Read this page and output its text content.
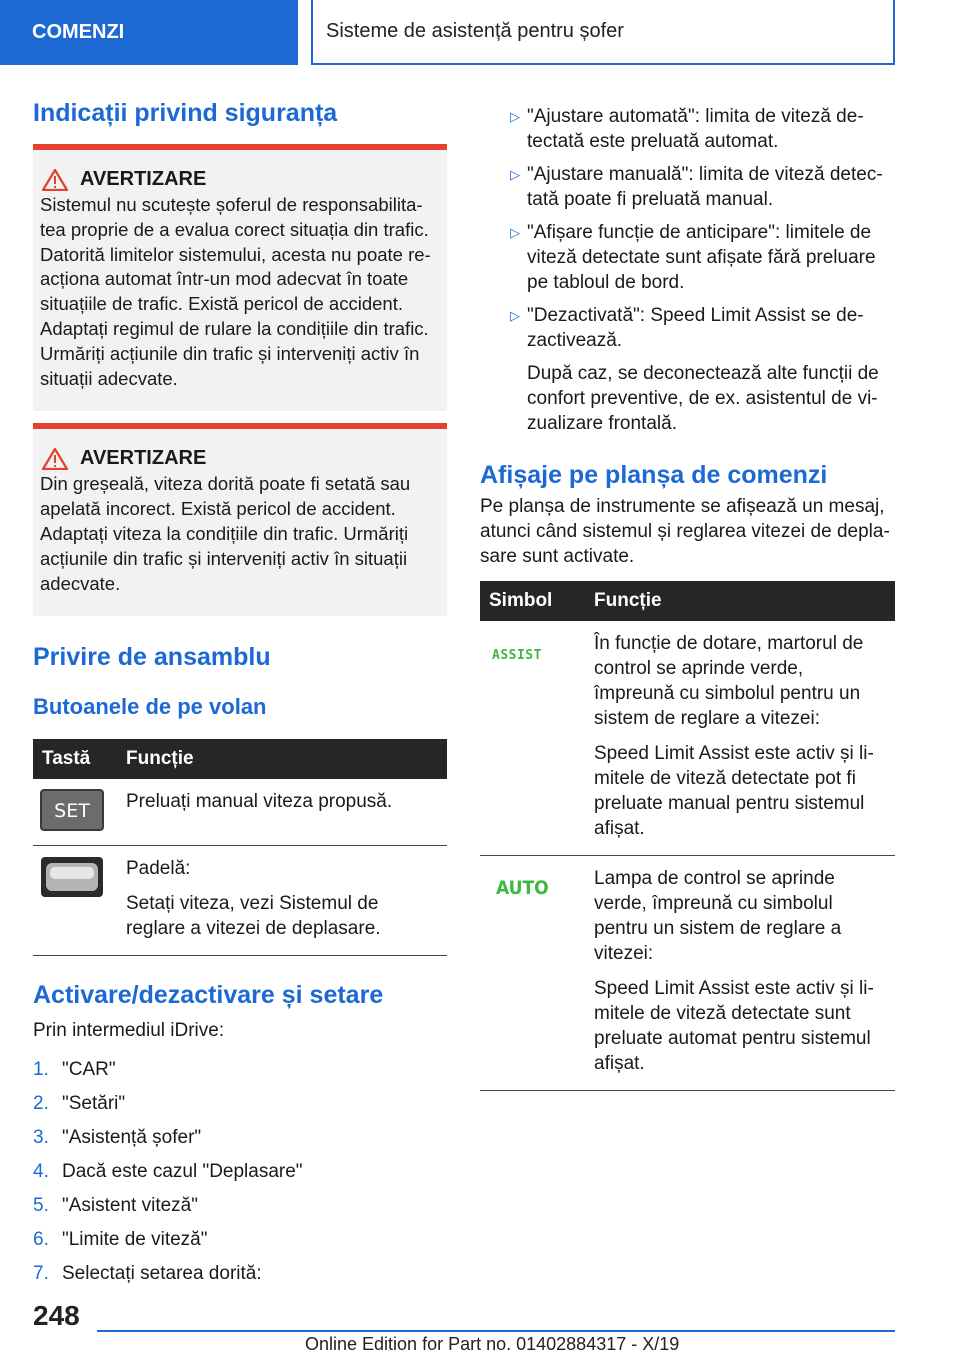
COMENZI	Sisteme de asistență pentru șofer
Indicații privind siguranța
AVERTIZARE

Sistemul nu scutește șoferul de responsabilita‐tea proprie de a evalua corect situația din trafic. Datorită limitelor sistemului, acesta nu poate re‐acționa automat într-un mod adecvat în toate situațiile de trafic. Există pericol de accident. Adaptați regimul de rulare la condițiile din trafic. Urmăriți acțiunile din trafic și interveniți activ în situații adecvate.

AVERTIZARE

Din greșeală, viteza dorită poate fi setată sau apelată incorect. Există pericol de accident. Adaptați viteza la condițiile din trafic. Urmăriți acțiunile din trafic și interveniți activ în situații adecvate.

Privire de ansamblu
Butoanele de pe volan
Tastă	Funcție

SET	Preluați manual viteza propusă.

Padelă:

Setați viteza, vezi Sistemul de reglare a vitezei de deplasare.

Activare/dezactivare și setare

Prin intermediul iDrive:

1. "CAR"
2. "Setări"
3. "Asistență șofer"
4. Dacă este cazul "Deplasare"
5. "Asistent viteză"
6. "Limite de viteză"
7. Selectați setarea dorită:
▷ "Ajustare automată": limita de viteză de‐tectată este preluată automat.
▷ "Ajustare manuală": limita de viteză detec‐tată poate fi preluată manual.
▷ "Afișare funcție de anticipare": limitele de viteză detectate sunt afișate fără preluare pe tabloul de bord.
▷ "Dezactivată": Speed Limit Assist se de‐zactivează.

După caz, se deconectează alte funcții de confort preventive, de ex. asistentul de vi‐zualizare frontală.

Afișaje pe planșa de comenzi

Pe planșa de instrumente se afișează un mesaj, atunci când sistemul și reglarea vitezei de depla‐sare sunt activate.

Simbol	Funcție
ASSIST	În funcție de dotare, martorul de control se aprinde verde, împreună cu simbolul pentru un sistem de reglare a vitezei:

Speed Limit Assist este activ și li‐mitele de viteză detectate pot fi preluate manual pentru sistemul afișat.

AUTO	Lampa de control se aprinde verde, împreună cu simbolul pentru un sistem de reglare a vitezei:

Speed Limit Assist este activ și li‐mitele de viteză detectate sunt preluate automat pentru sistemul afișat.

248
Online Edition for Part no. 01402884317 - X/19
